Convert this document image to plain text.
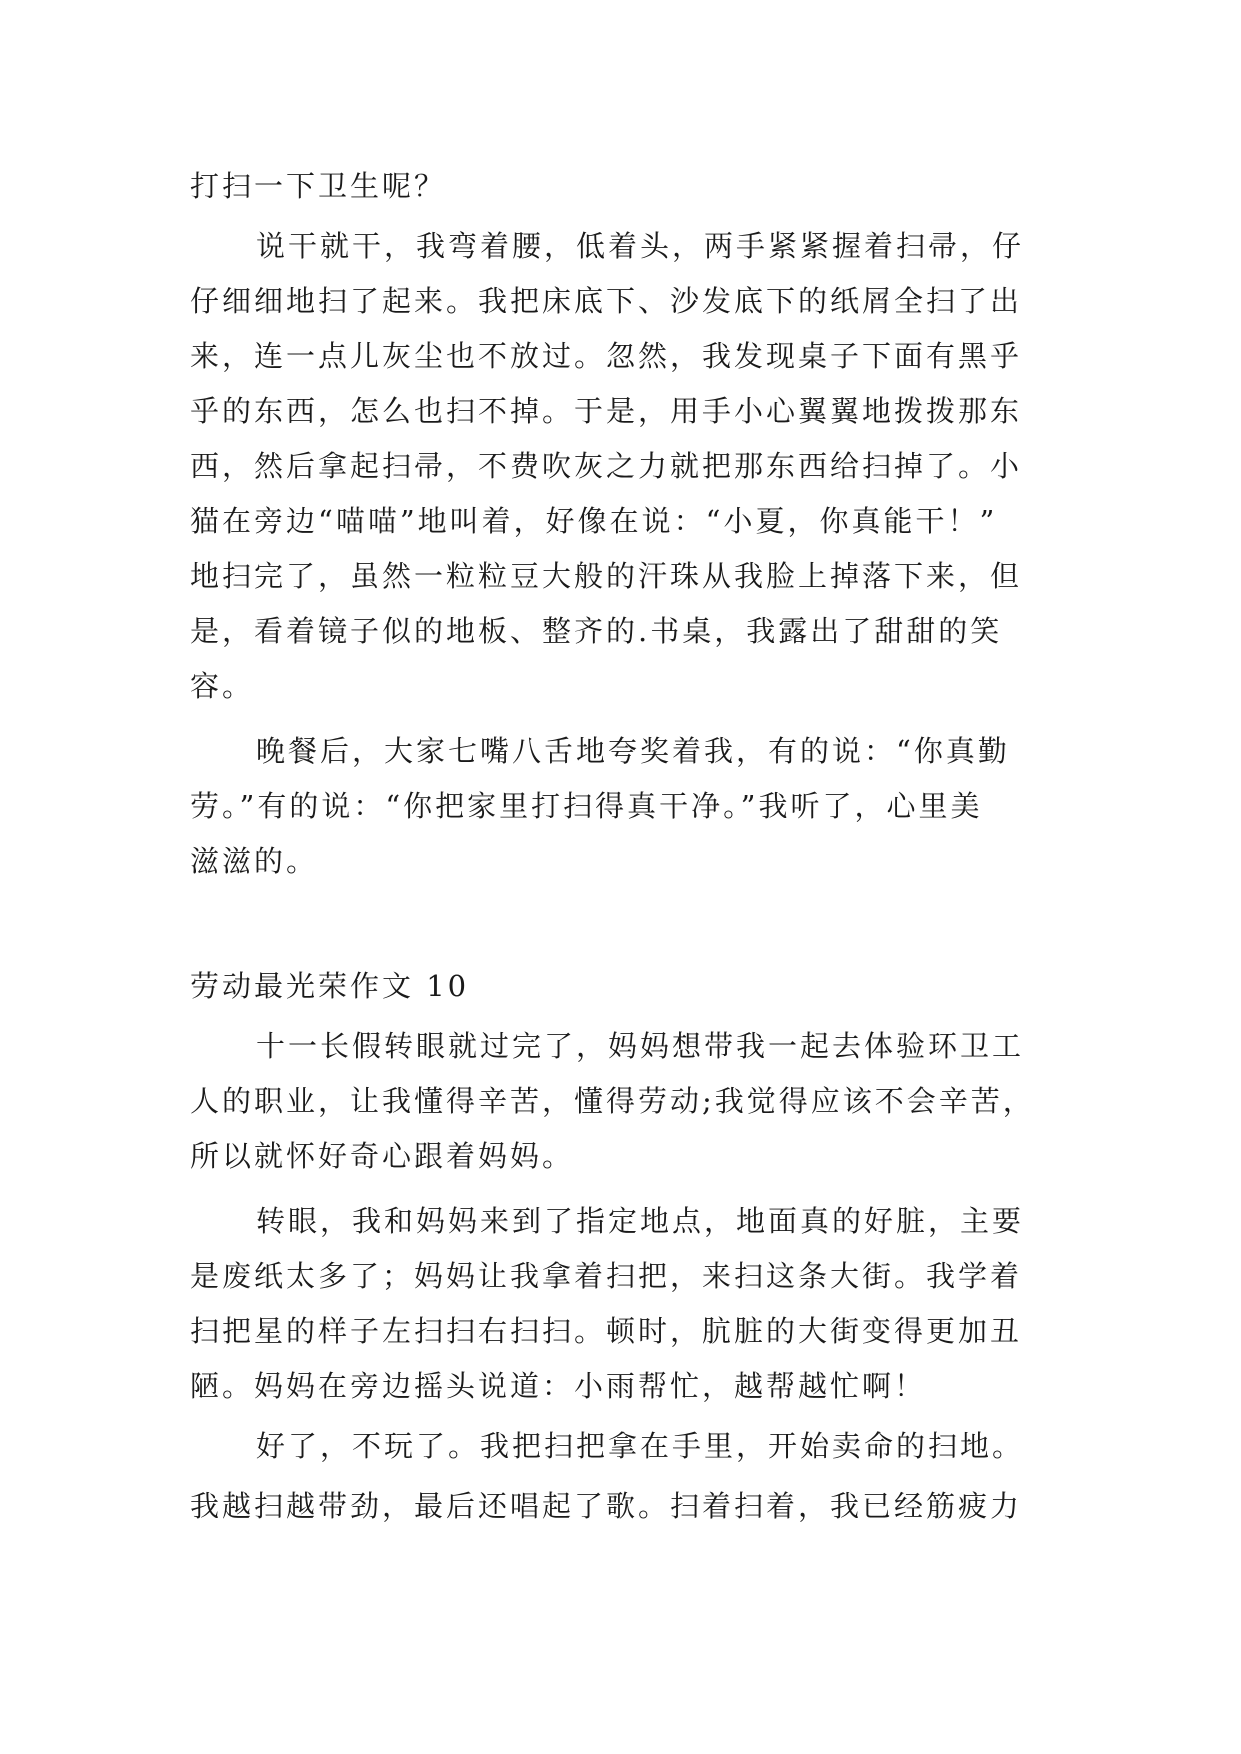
打扫一下卫生呢？
说干就干，我弯着腰，低着头，两手紧紧握着扫帚，仔
仔细细地扫了起来。我把床底下、沙发底下的纸屑全扫了出
来，连一点儿灰尘也不放过。忽然，我发现桌子下面有黑乎
乎的东西，怎么也扫不掉。于是，用手小心翼翼地拨拨那东
西，然后拿起扫帚，不费吹灰之力就把那东西给扫掉了。小
猫在旁边“喵喵”地叫着，好像在说：“小夏，你真能干！”
地扫完了，虽然一粒粒豆大般的汗珠从我脸上掉落下来，但
是，看着镜子似的地板、整齐的.书桌，我露出了甜甜的笑
容。
晚餐后，大家七嘴八舌地夸奖着我，有的说：“你真勤
劳。”有的说：“你把家里打扫得真干净。”我听了，心里美
滋滋的。
劳动最光荣作文 10
十一长假转眼就过完了，妈妈想带我一起去体验环卫工
人的职业，让我懂得辛苦，懂得劳动;我觉得应该不会辛苦，
所以就怀好奇心跟着妈妈。
转眼，我和妈妈来到了指定地点，地面真的好脏，主要
是废纸太多了；妈妈让我拿着扫把，来扫这条大街。我学着
扫把星的样子左扫扫右扫扫。顿时，肮脏的大街变得更加丑
陋。妈妈在旁边摇头说道：小雨帮忙，越帮越忙啊！
好了，不玩了。我把扫把拿在手里，开始卖命的扫地。
我越扫越带劲，最后还唱起了歌。扫着扫着，我已经筋疲力
